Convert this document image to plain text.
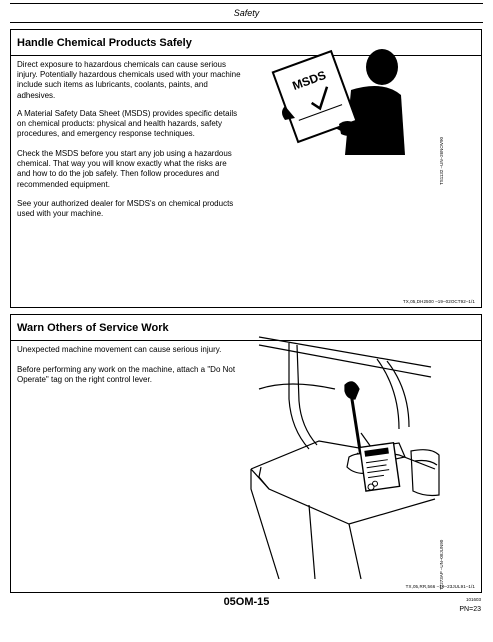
Safety
Handle Chemical Products Safely

Direct exposure to hazardous chemicals can cause serious injury. Potentially hazardous chemicals used with your machine include such items as lubricants, coolants, paints, and adhesives.

A Material Safety Data Sheet (MSDS) provides specific details on chemical products: physical and health hazards, safety procedures, and emergency response techniques.

Check the MSDS before you start any job using a hazardous chemical. That way you will know exactly what the risks are and how to do the job safely. Then follow procedures and recommended equipment.

See your authorized dealer for MSDS's on chemical products used with your machine.

MSDS
TS1132 –UN–26NOV90
TX,05,DH2500 –19–02OCT92–1/1
Warn Others of Service Work

Unexpected machine movement can cause serious injury.

Before performing any work on the machine, attach a "Do Not Operate" tag on the right control lever.

T7273AP –UN–08JUN90
TX,05,RR,566 –19–23JUL91–1/1
05OM-15	101603
PN=23
